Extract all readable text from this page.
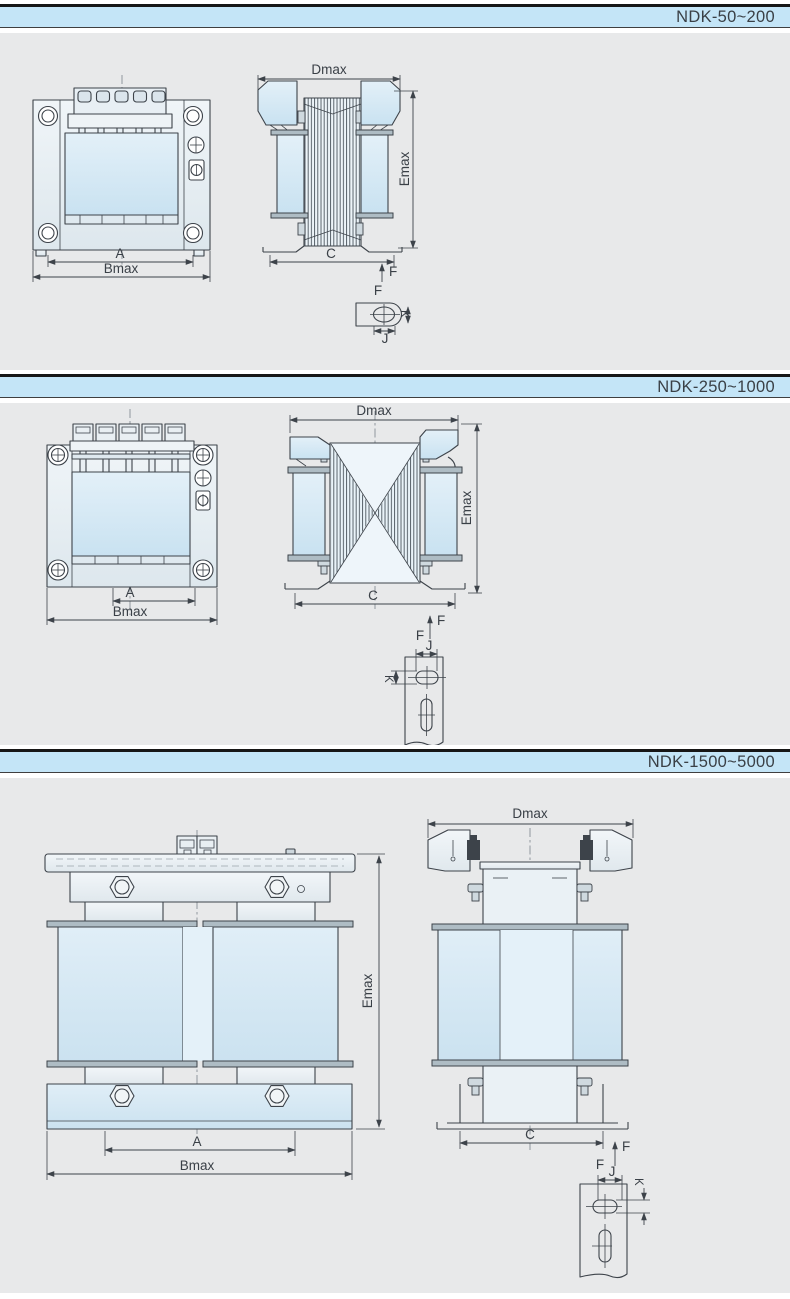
NDK-50~200
A
Bmax
Dmax
C
Emax
F
F
K
J
NDK-250~1000
A
Bmax
Dmax
Emax
C
F
F
J
K
NDK-1500~5000
Emax
A
Bmax
Dmax
C
F
F J
K
